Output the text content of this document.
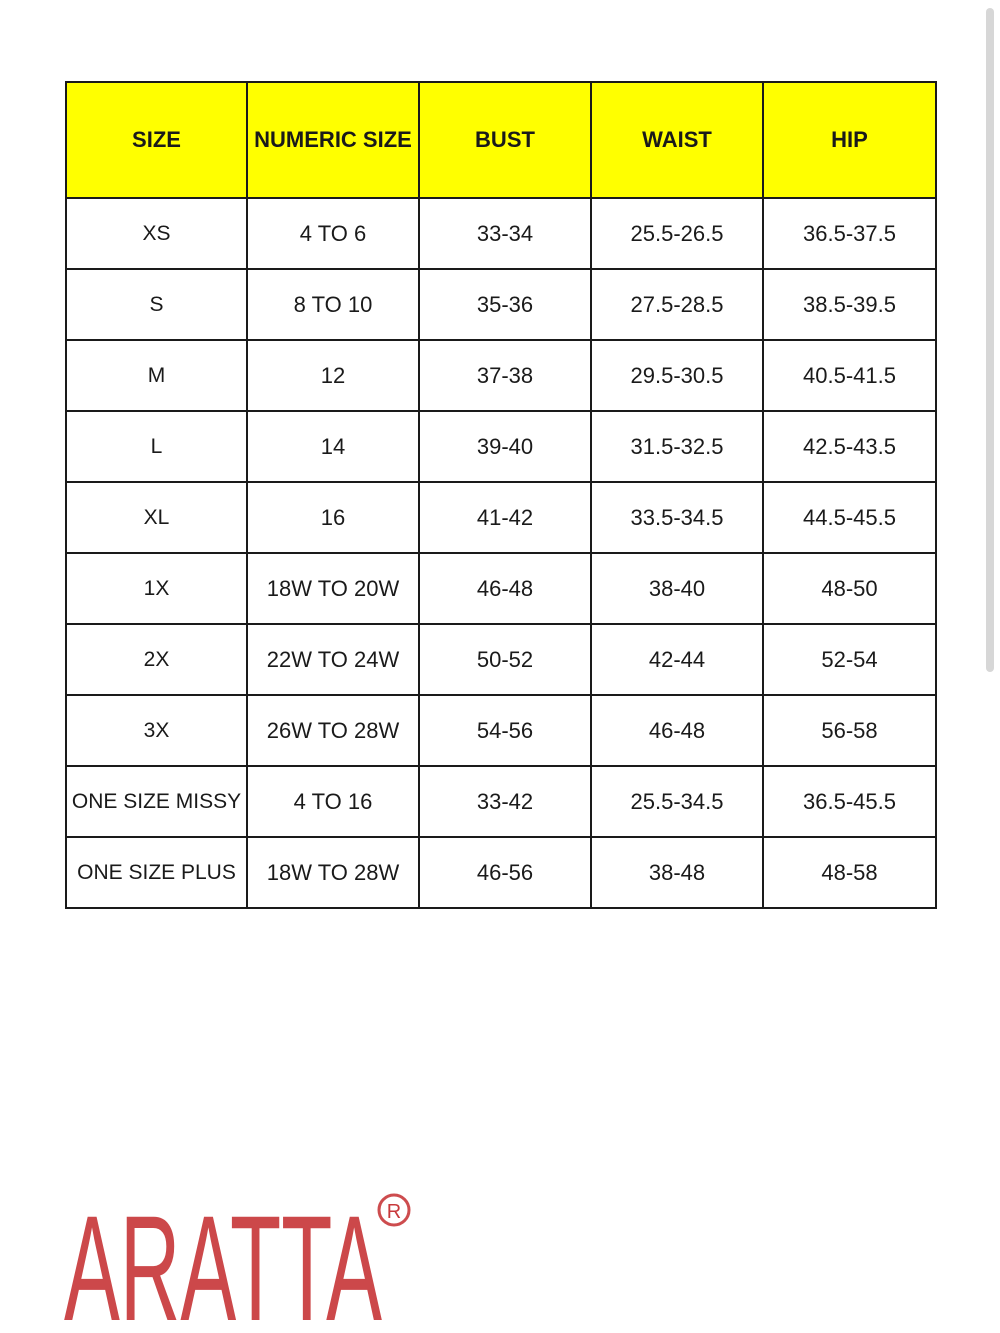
SIZE	NUMERIC SIZE	BUST	WAIST	HIP
XS	4 TO 6	33-34	25.5-26.5	36.5-37.5
S	8 TO 10	35-36	27.5-28.5	38.5-39.5
M	12	37-38	29.5-30.5	40.5-41.5
L	14	39-40	31.5-32.5	42.5-43.5
XL	16	41-42	33.5-34.5	44.5-45.5
1X	18W TO 20W	46-48	38-40	48-50
2X	22W TO 24W	50-52	42-44	52-54
3X	26W TO 28W	54-56	46-48	56-58
ONE SIZE MISSY	4 TO 16	33-42	25.5-34.5	36.5-45.5
ONE SIZE PLUS	18W TO 28W	46-56	38-48	48-58
ARATTA R
